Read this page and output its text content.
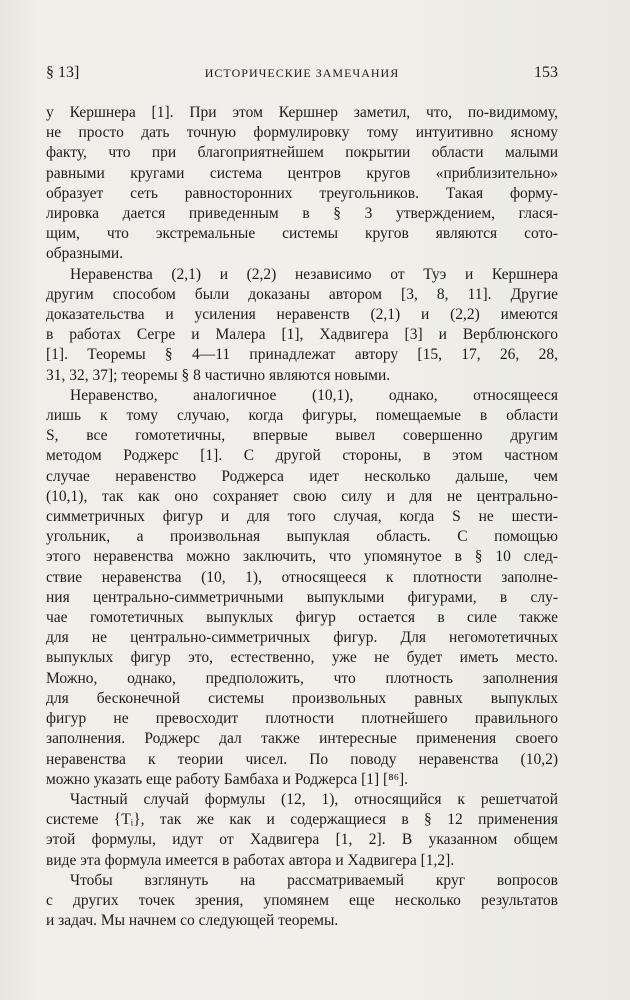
§ 13]	ИСТОРИЧЕСКИЕ ЗАМЕЧАНИЯ	153
у Кершнера [1]. При этом Кершнер заметил, что, по-видимому,
не просто дать точную формулировку тому интуитивно ясному
факту, что при благоприятнейшем покрытии области малыми
равными кругами система центров кругов «приблизительно»
образует сеть равносторонних треугольников. Такая форму-
лировка дается приведенным в § 3 утверждением, глася-
щим, что экстремальные системы кругов являются сото-
образными.
Неравенства (2,1) и (2,2) независимо от Туэ и Кершнера
другим способом были доказаны автором [3, 8, 11]. Другие
доказательства и усиления неравенств (2,1) и (2,2) имеются
в работах Сегре и Малера [1], Хадвигера [3] и Верблюнского
[1]. Теоремы § 4—11 принадлежат автору [15, 17, 26, 28,
31, 32, 37]; теоремы § 8 частично являются новыми.
Неравенство, аналогичное (10,1), однако, относящееся
лишь к тому случаю, когда фигуры, помещаемые в области
S, все гомотетичны, впервые вывел совершенно другим
методом Роджерс [1]. С другой стороны, в этом частном
случае неравенство Роджерса идет несколько дальше, чем
(10,1), так как оно сохраняет свою силу и для не центрально-
симметричных фигур и для того случая, когда S не шести-
угольник, а произвольная выпуклая область. С помощью
этого неравенства можно заключить, что упомянутое в § 10 след-
ствие неравенства (10, 1), относящееся к плотности заполне-
ния центрально-симметричными выпуклыми фигурами, в слу-
чае гомотетичных выпуклых фигур остается в силе также
для не центрально-симметричных фигур. Для негомотетичных
выпуклых фигур это, естественно, уже не будет иметь место.
Можно, однако, предположить, что плотность заполнения
для бесконечной системы произвольных равных выпуклых
фигур не превосходит плотности плотнейшего правильного
заполнения. Роджерс дал также интересные применения своего
неравенства к теории чисел. По поводу неравенства (10,2)
можно указать еще работу Бамбаха и Роджерса [1] [⁸⁶].
Частный случай формулы (12, 1), относящийся к решетчатой
системе {Tᵢ}, так же как и содержащиеся в § 12 применения
этой формулы, идут от Хадвигера [1, 2]. В указанном общем
виде эта формула имеется в работах автора и Хадвигера [1,2].
Чтобы взглянуть на рассматриваемый круг вопросов
с других точек зрения, упомянем еще несколько результатов
и задач. Мы начнем со следующей теоремы.
